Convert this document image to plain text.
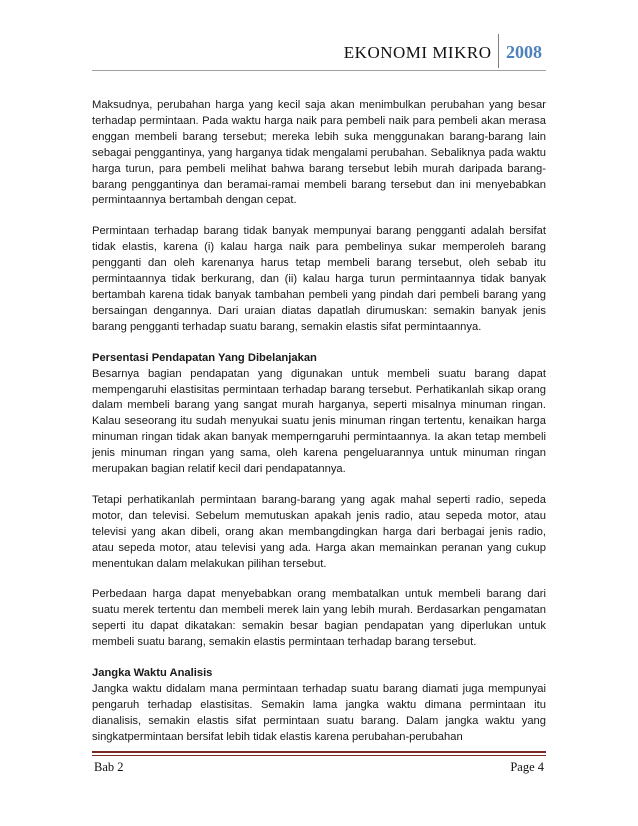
EKONOMI MIKRO 2008

Maksudnya, perubahan harga yang kecil saja akan menimbulkan perubahan yang besar terhadap permintaan. Pada waktu harga naik para pembeli naik para pembeli akan merasa enggan membeli barang tersebut; mereka lebih suka menggunakan barang-barang lain sebagai penggantinya, yang harganya tidak mengalami perubahan. Sebaliknya pada waktu harga turun, para pembeli melihat bahwa barang tersebut lebih murah daripada barang-barang penggantinya dan beramai-ramai membeli barang tersebut dan ini menyebabkan permintaannya bertambah dengan cepat.

Permintaan terhadap barang tidak banyak mempunyai barang pengganti adalah bersifat tidak elastis, karena (i) kalau harga naik para pembelinya sukar memperoleh barang pengganti dan oleh karenanya harus tetap membeli barang tersebut, oleh sebab itu permintaannya tidak berkurang, dan (ii) kalau harga turun permintaannya tidak banyak bertambah karena tidak banyak tambahan pembeli yang pindah dari pembeli barang yang bersaingan dengannya. Dari uraian diatas dapatlah dirumuskan: semakin banyak jenis barang pengganti terhadap suatu barang, semakin elastis sifat permintaannya.

Persentasi Pendapatan Yang Dibelanjakan
Besarnya bagian pendapatan yang digunakan untuk membeli suatu barang dapat mempengaruhi elastisitas permintaan terhadap barang tersebut. Perhatikanlah sikap orang dalam membeli barang yang sangat murah harganya, seperti misalnya minuman ringan. Kalau seseorang itu sudah menyukai suatu jenis minuman ringan tertentu, kenaikan harga minuman ringan tidak akan banyak memperngaruhi permintaannya. Ia akan tetap membeli jenis minuman ringan yang sama, oleh karena pengeluarannya untuk minuman ringan merupakan bagian relatif kecil dari pendapatannya.

Tetapi perhatikanlah permintaan barang-barang yang agak mahal seperti radio, sepeda motor, dan televisi. Sebelum memutuskan apakah jenis radio, atau sepeda motor, atau televisi yang akan dibeli, orang akan membangdingkan harga dari berbagai jenis radio, atau sepeda motor, atau televisi yang ada. Harga akan memainkan peranan yang cukup menentukan dalam melakukan pilihan tersebut.

Perbedaan harga dapat menyebabkan orang membatalkan untuk membeli barang dari suatu merek tertentu dan membeli merek lain yang lebih murah. Berdasarkan pengamatan seperti itu dapat dikatakan: semakin besar bagian pendapatan yang diperlukan untuk membeli suatu barang, semakin elastis permintaan terhadap barang tersebut.

Jangka Waktu Analisis
Jangka waktu didalam mana permintaan terhadap suatu barang diamati juga mempunyai pengaruh terhadap elastisitas. Semakin lama jangka waktu dimana permintaan itu dianalisis, semakin elastis sifat permintaan suatu barang. Dalam jangka waktu yang singkatpermintaan bersifat lebih tidak elastis karena perubahan-perubahan

Bab 2	Page 4
